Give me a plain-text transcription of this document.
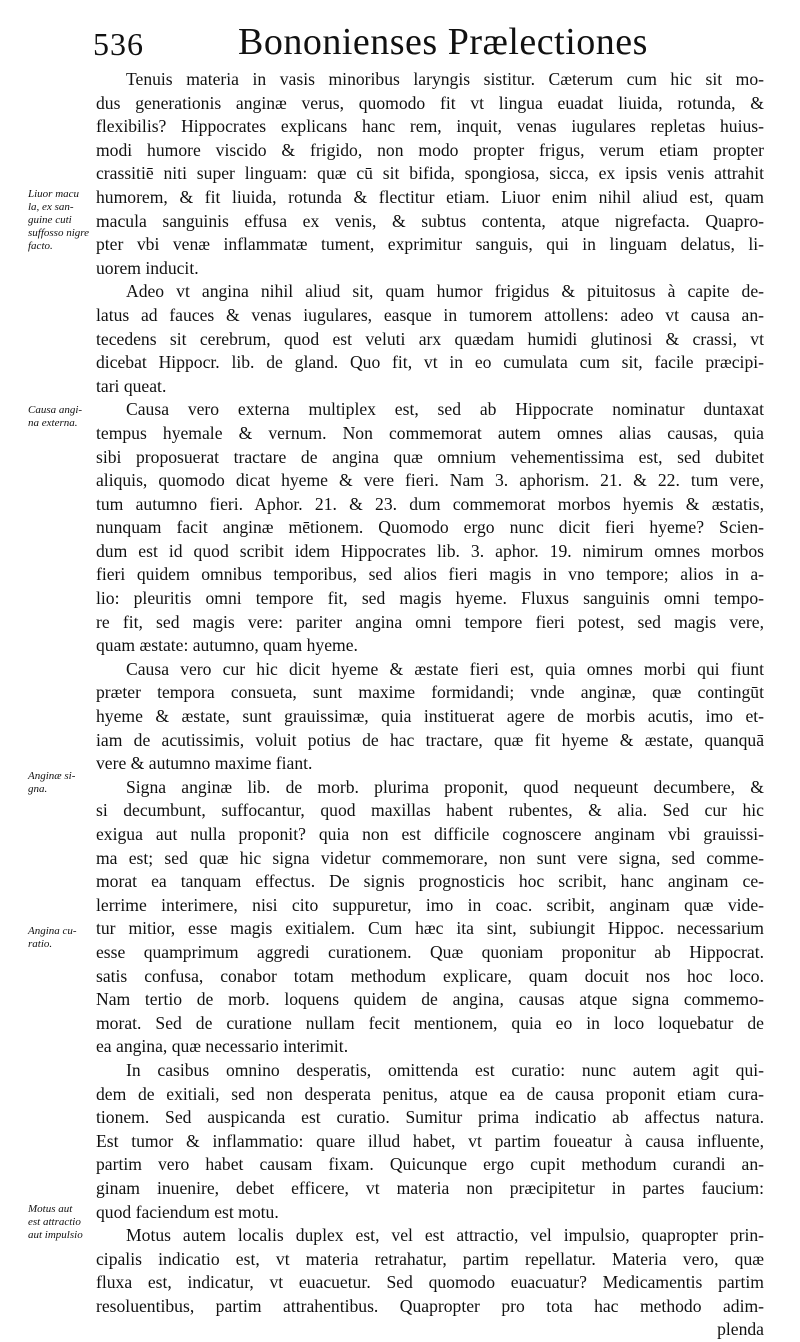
536 Bononienses Prælectiones
Tenuis materia in vasis minoribus laryngis sistitur. Cæterum cum hic sit mo-
dus generationis anginæ verus, quomodo fit vt lingua euadat liuida, rotunda, &
flexibilis? Hippocrates explicans hanc rem, inquit, venas iugulares repletas huius-
modi humore viscido & frigido, non modo propter frigus, verum etiam propter
crassitiē niti super linguam: quæ cū sit bifida, spongiosa, sicca, ex ipsis venis attrahit
humorem, & fit liuida, rotunda & flectitur etiam. Liuor enim nihil aliud est, quam
macula sanguinis effusa ex venis, & subtus contenta, atque nigrefacta. Quapro-
pter vbi venæ inflammatæ tument, exprimitur sanguis, qui in linguam delatus, li-
uorem inducit.
Adeo vt angina nihil aliud sit, quam humor frigidus & pituitosus à capite de-
latus ad fauces & venas iugulares, easque in tumorem attollens: adeo vt causa an-
tecedens sit cerebrum, quod est veluti arx quædam humidi glutinosi & crassi, vt
dicebat Hippocr. lib. de gland. Quo fit, vt in eo cumulata cum sit, facile præcipi-
tari queat.
Causa vero externa multiplex est, sed ab Hippocrate nominatur duntaxat
tempus hyemale & vernum. Non commemorat autem omnes alias causas, quia
sibi proposuerat tractare de angina quæ omnium vehementissima est, sed dubitet
aliquis, quomodo dicat hyeme & vere fieri. Nam 3. aphorism. 21. & 22. tum vere,
tum autumno fieri. Aphor. 21. & 23. dum commemorat morbos hyemis & æstatis,
nunquam facit anginæ mētionem. Quomodo ergo nunc dicit fieri hyeme? Scien-
dum est id quod scribit idem Hippocrates lib. 3. aphor. 19. nimirum omnes morbos
fieri quidem omnibus temporibus, sed alios fieri magis in vno tempore; alios in a-
lio: pleuritis omni tempore fit, sed magis hyeme. Fluxus sanguinis omni tempo-
re fit, sed magis vere: pariter angina omni tempore fieri potest, sed magis vere,
quam æstate: autumno, quam hyeme.
Causa vero cur hic dicit hyeme & æstate fieri est, quia omnes morbi qui fiunt
præter tempora consueta, sunt maxime formidandi; vnde anginæ, quæ contingūt
hyeme & æstate, sunt grauissimæ, quia instituerat agere de morbis acutis, imo et-
iam de acutissimis, voluit potius de hac tractare, quæ fit hyeme & æstate, quanquā
vere & autumno maxime fiant.
Signa anginæ lib. de morb. plurima proponit, quod nequeunt decumbere, &
si decumbunt, suffocantur, quod maxillas habent rubentes, & alia. Sed cur hic
exigua aut nulla proponit? quia non est difficile cognoscere anginam vbi grauissi-
ma est; sed quæ hic signa videtur commemorare, non sunt vere signa, sed comme-
morat ea tanquam effectus. De signis prognosticis hoc scribit, hanc anginam ce-
lerrime interimere, nisi cito suppuretur, imo in coac. scribit, anginam quæ vide-
tur mitior, esse magis exitialem. Cum hæc ita sint, subiungit Hippoc. necessarium
esse quamprimum aggredi curationem. Quæ quoniam proponitur ab Hippocrat.
satis confusa, conabor totam methodum explicare, quam docuit nos hoc loco.
Nam tertio de morb. loquens quidem de angina, causas atque signa commemo-
morat. Sed de curatione nullam fecit mentionem, quia eo in loco loquebatur de
ea angina, quæ necessario interimit.
In casibus omnino desperatis, omittenda est curatio: nunc autem agit qui-
dem de exitiali, sed non desperata penitus, atque ea de causa proponit etiam cura-
tionem. Sed auspicanda est curatio. Sumitur prima indicatio ab affectus natura.
Est tumor & inflammatio: quare illud habet, vt partim foueatur à causa influente,
partim vero habet causam fixam. Quicunque ergo cupit methodum curandi an-
ginam inuenire, debet efficere, vt materia non præcipitetur in partes faucium:
quod faciendum est motu.
Motus autem localis duplex est, vel est attractio, vel impulsio, quapropter prin-
cipalis indicatio est, vt materia retrahatur, partim repellatur. Materia vero, quæ
fluxa est, indicatur, vt euacuetur. Sed quomodo euacuatur? Medicamentis partim
resoluentibus, partim attrahentibus. Quapropter pro tota hac methodo adim-
plenda
Liuor macu
la, ex san-
guine cuti
suffosso nigre
facto.
Causa angi-
na externa.
Anginæ si-
gna.
Angina cu-
ratio.
Motus aut
est attractio
aut impulsio
